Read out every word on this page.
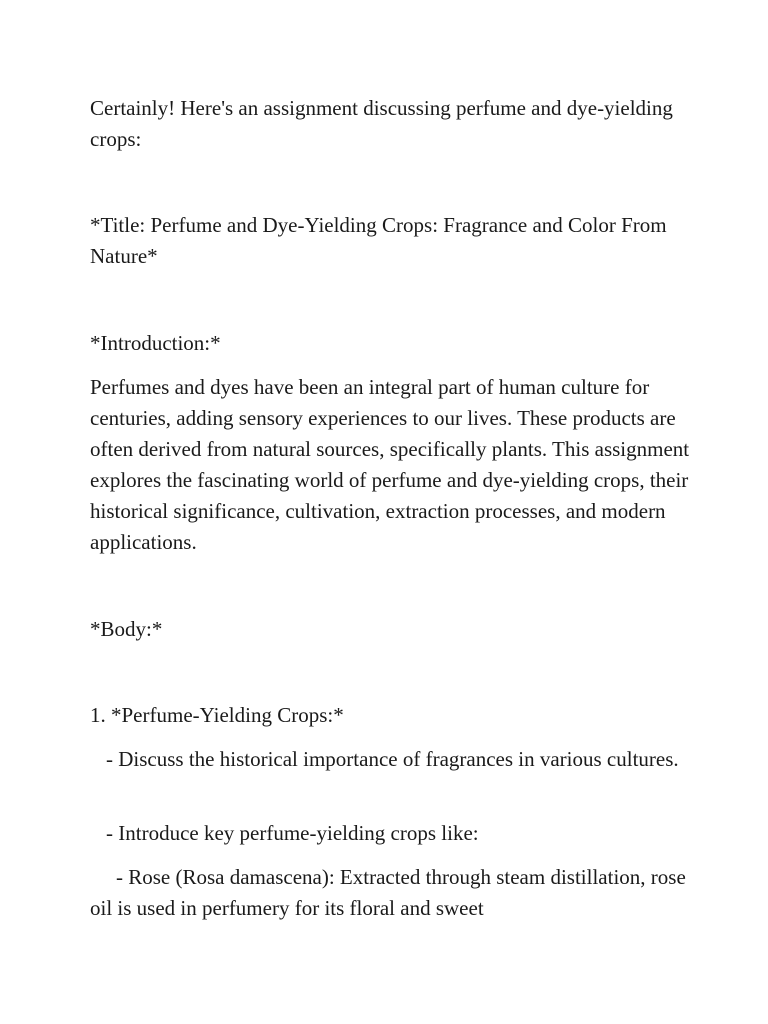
Certainly! Here's an assignment discussing perfume and dye-yielding crops:

*Title: Perfume and Dye-Yielding Crops: Fragrance and Color From Nature*

*Introduction:*

Perfumes and dyes have been an integral part of human culture for centuries, adding sensory experiences to our lives. These products are often derived from natural sources, specifically plants. This assignment explores the fascinating world of perfume and dye-yielding crops, their historical significance, cultivation, extraction processes, and modern applications.

*Body:*

1. *Perfume-Yielding Crops:*

- Discuss the historical importance of fragrances in various cultures.

- Introduce key perfume-yielding crops like:

- Rose (Rosa damascena): Extracted through steam distillation, rose oil is used in perfumery for its floral and sweet
